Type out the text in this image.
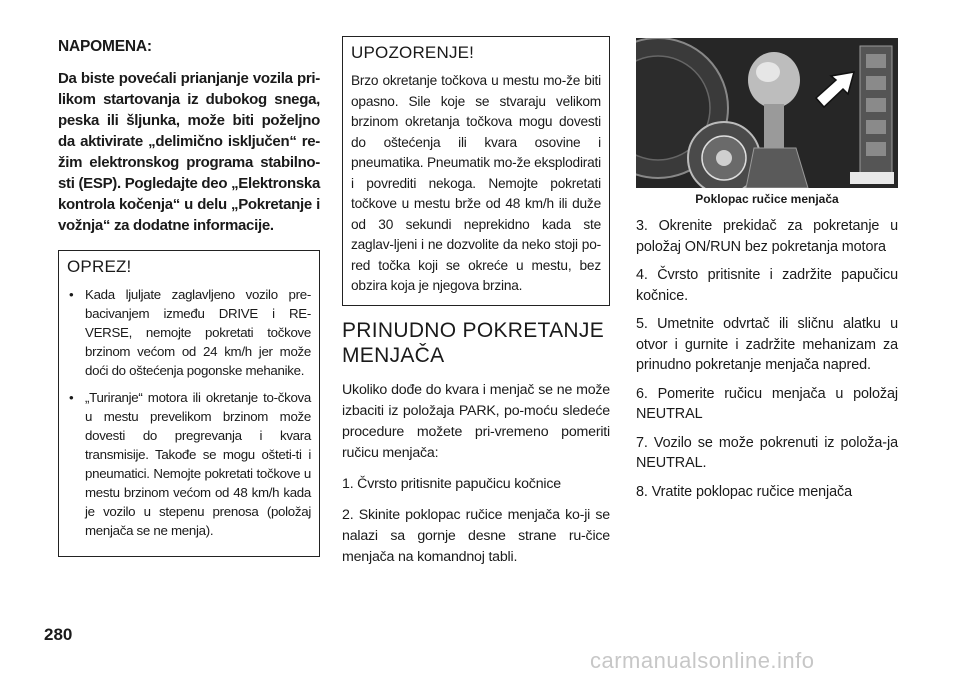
NAPOMENA:
Da biste povećali prianjanje vozila pri-likom startovanja iz dubokog snega, peska ili šljunka, može biti poželjno da aktivirate „delimično isključen“ re-žim elektronskog programa stabilno-sti (ESP). Pogledajte deo „Elektronska kontrola kočenja“ u delu „Pokretanje i vožnja“ za dodatne informacije.
OPREZ!
• Kada ljuljate zaglavljeno vozilo pre-bacivanjem između DRIVE i RE-VERSE, nemojte pokretati točkove brzinom većom od 24 km/h jer može doći do oštećenja pogonske mehanike.
• „Turiranje“ motora ili okretanje to-čkova u mestu prevelikom brzinom može dovesti do pregrevanja i kvara transmisije. Takođe se mogu ošteti-ti i pneumatici. Nemojte pokretati točkove u mestu brzinom većom od 48 km/h kada je vozilo u stepenu prenosa (položaj menjača se ne menja).
UPOZORENJE!
Brzo okretanje točkova u mestu mo-že biti opasno. Sile koje se stvaraju velikom brzinom okretanja točkova mogu dovesti do oštećenja ili kvara osovine i pneumatika. Pneumatik mo-že eksplodirati i povrediti nekoga. Nemojte pokretati točkove u mestu brže od 48 km/h ili duže od 30 sekundi neprekidno kada ste zaglav-ljeni i ne dozvolite da neko stoji po-red točka koji se okreće u mestu, bez obzira koja je njegova brzina.
PRINUDNO POKRETANJE
MENJAČA

Ukoliko dođe do kvara i menjač se ne može izbaciti iz položaja PARK, po-moću sledeće procedure možete pri-vremeno pomeriti ručicu menjača:

1. Čvrsto pritisnite papučicu kočnice

2. Skinite poklopac ručice menjača ko-ji se nalazi sa gornje desne strane ru-čice menjača na komandnoj tabli.

Poklopac ručice menjača

3. Okrenite prekidač za pokretanje u položaj ON/RUN bez pokretanja motora

4. Čvrsto pritisnite i zadržite papučicu kočnice.

5. Umetnite odvrtač ili sličnu alatku u otvor i gurnite i zadržite mehanizam za prinudno pokretanje menjača napred.

6. Pomerite ručicu menjača u položaj NEUTRAL

7. Vozilo se može pokrenuti iz položa-ja NEUTRAL.

8. Vratite poklopac ručice menjača

280
carmanualsonline.info
